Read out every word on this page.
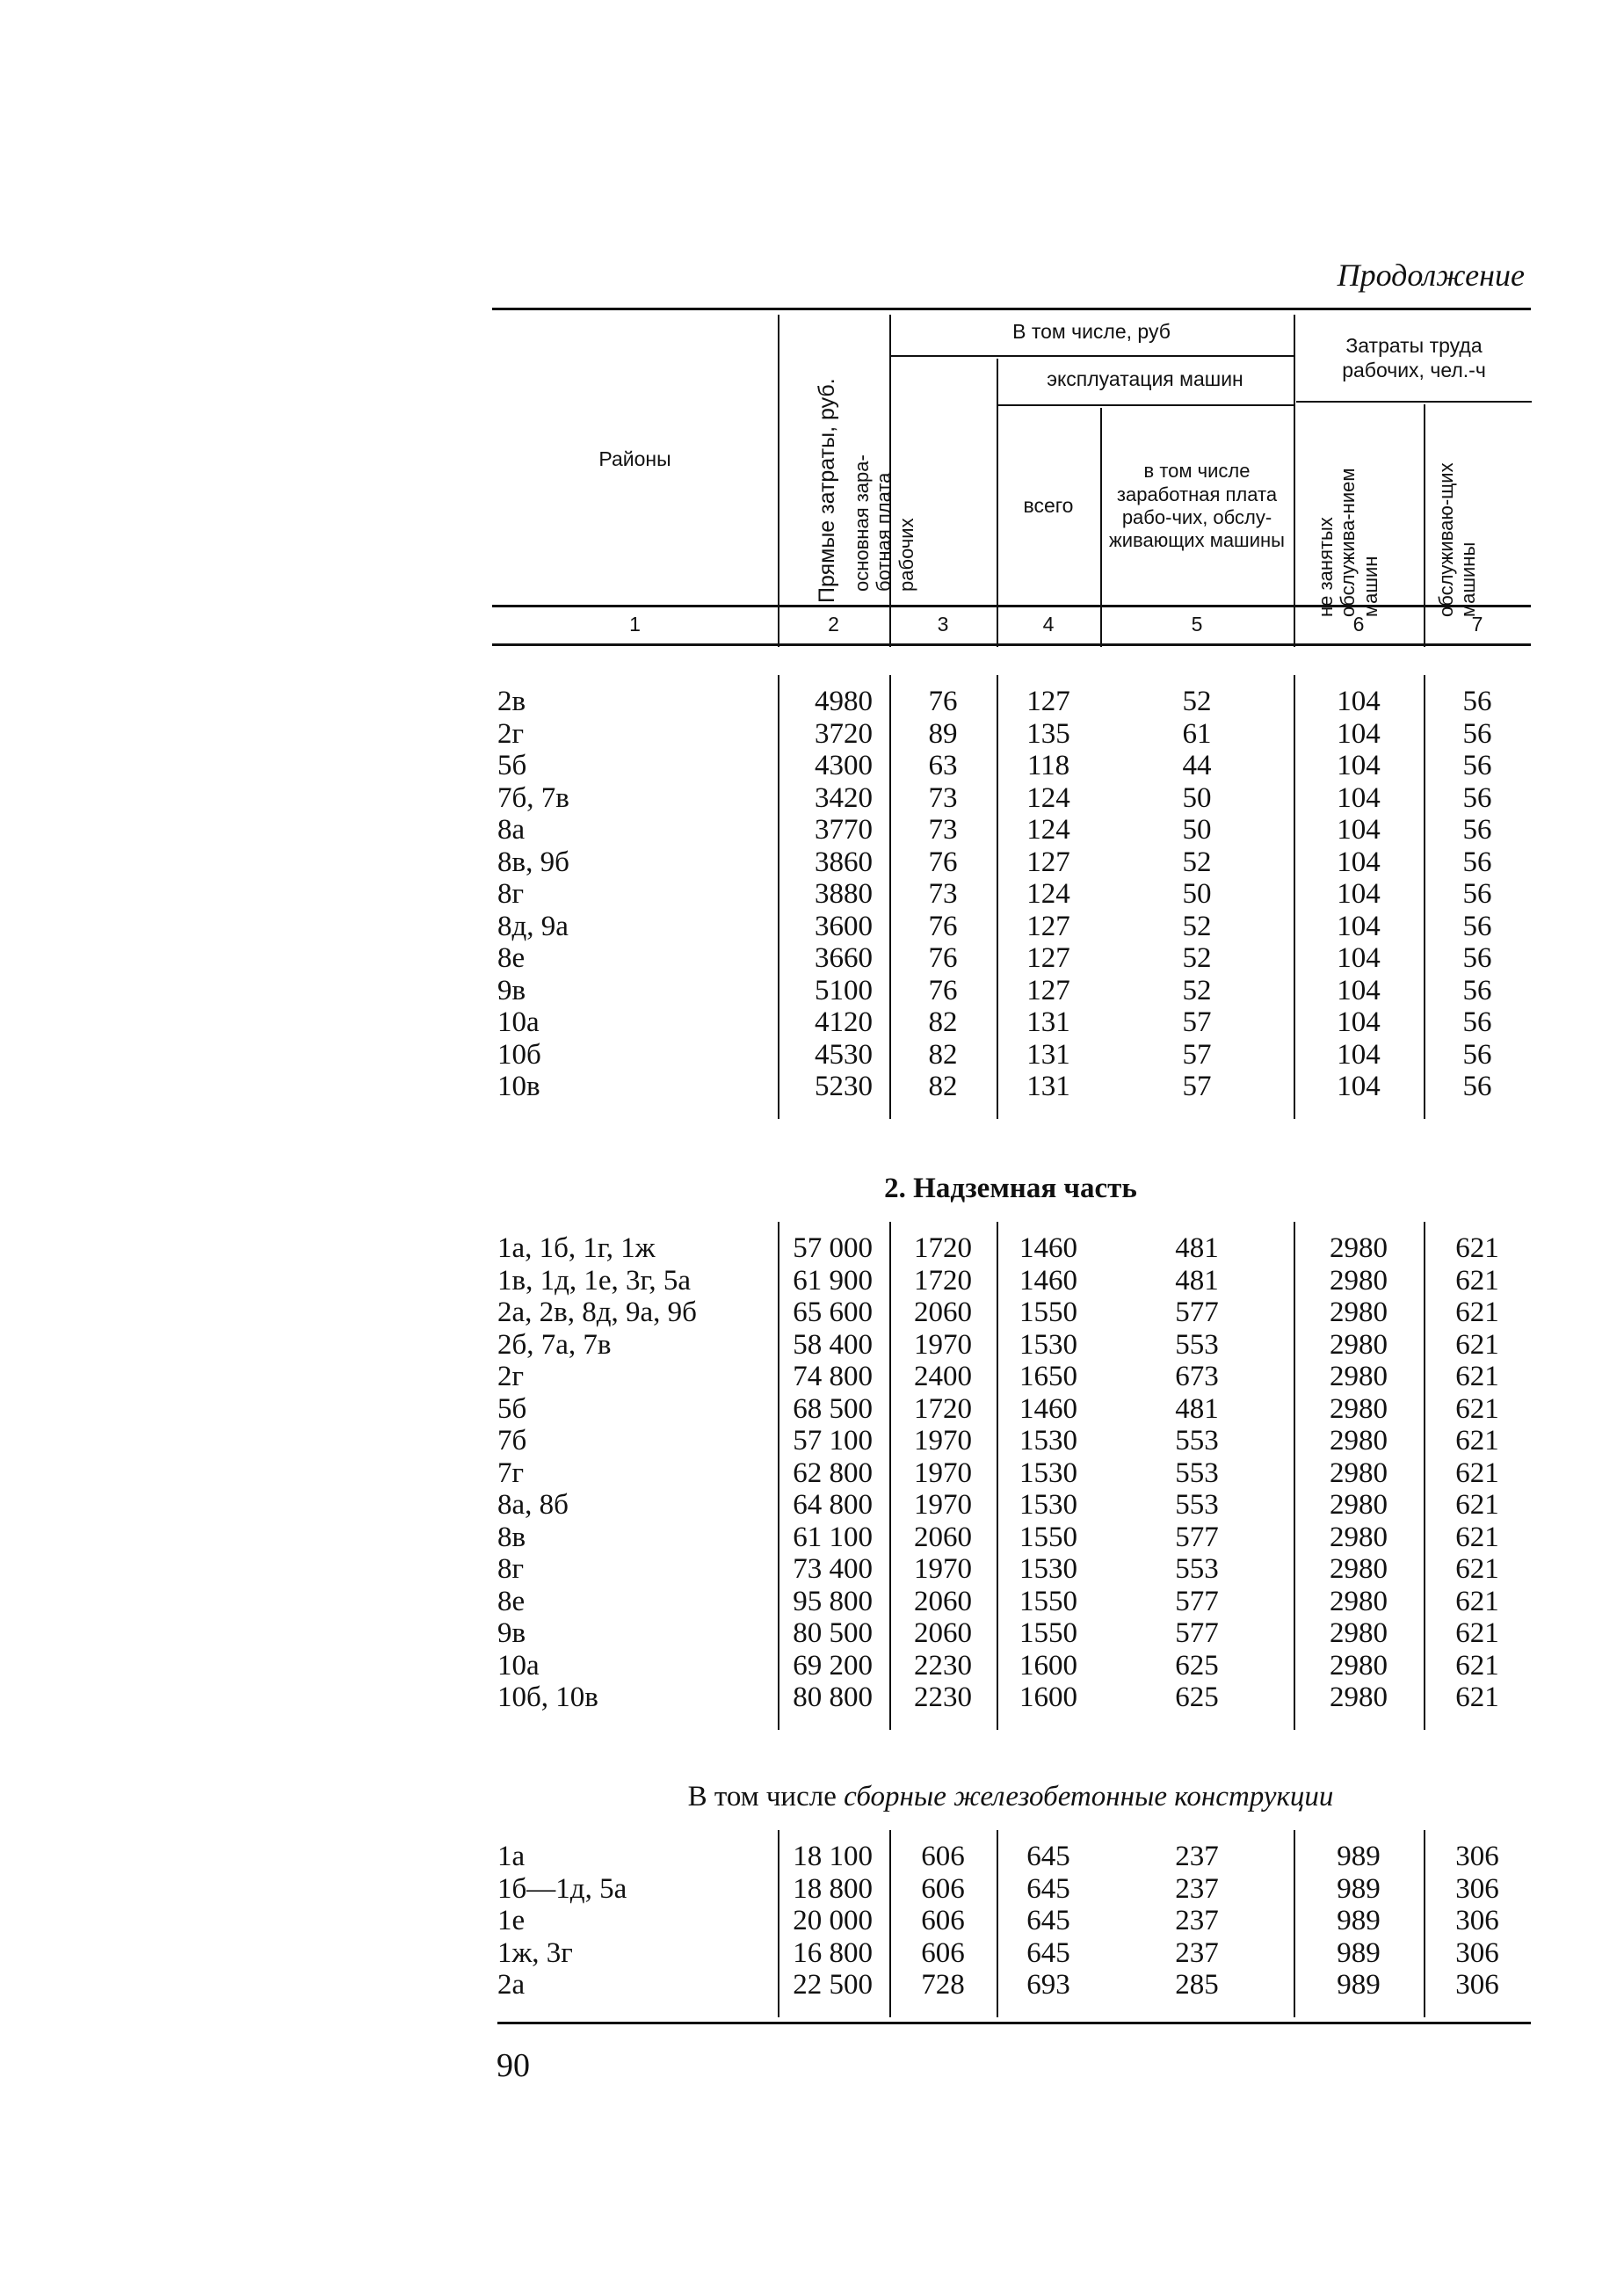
Продолжение
Районы	Прямые затраты, руб.
В том числе, руб
основная зара-ботная плата рабочих
эксплуатация машин
всего
в том числе заработная плата рабо-чих, обслу-живающих машины
Затраты труда рабочих, чел.-ч
не занятых обслужива-нием машин	обслуживаю-щих машины
1	2	3	4	5	6	7
2в	4980	76	127	52	104	56
2г	3720	89	135	61	104	56
5б	4300	63	118	44	104	56
7б, 7в	3420	73	124	50	104	56
8а	3770	73	124	50	104	56
8в, 9б	3860	76	127	52	104	56
8г	3880	73	124	50	104	56
8д, 9а	3600	76	127	52	104	56
8е	3660	76	127	52	104	56
9в	5100	76	127	52	104	56
10а	4120	82	131	57	104	56
10б	4530	82	131	57	104	56
10в	5230	82	131	57	104	56
2. Надземная часть
1а, 1б, 1г, 1ж	57 000	1720	1460	481	2980	621
1в, 1д, 1е, 3г, 5а	61 900	1720	1460	481	2980	621
2а, 2в, 8д, 9а, 9б	65 600	2060	1550	577	2980	621
2б, 7а, 7в	58 400	1970	1530	553	2980	621
2г	74 800	2400	1650	673	2980	621
5б	68 500	1720	1460	481	2980	621
7б	57 100	1970	1530	553	2980	621
7г	62 800	1970	1530	553	2980	621
8а, 8б	64 800	1970	1530	553	2980	621
8в	61 100	2060	1550	577	2980	621
8г	73 400	1970	1530	553	2980	621
8е	95 800	2060	1550	577	2980	621
9в	80 500	2060	1550	577	2980	621
10а	69 200	2230	1600	625	2980	621
10б, 10в	80 800	2230	1600	625	2980	621
В том числе сборные железобетонные конструкции
1а	18 100	606	645	237	989	306
1б—1д, 5а	18 800	606	645	237	989	306
1е	20 000	606	645	237	989	306
1ж, 3г	16 800	606	645	237	989	306
2а	22 500	728	693	285	989	306
90
